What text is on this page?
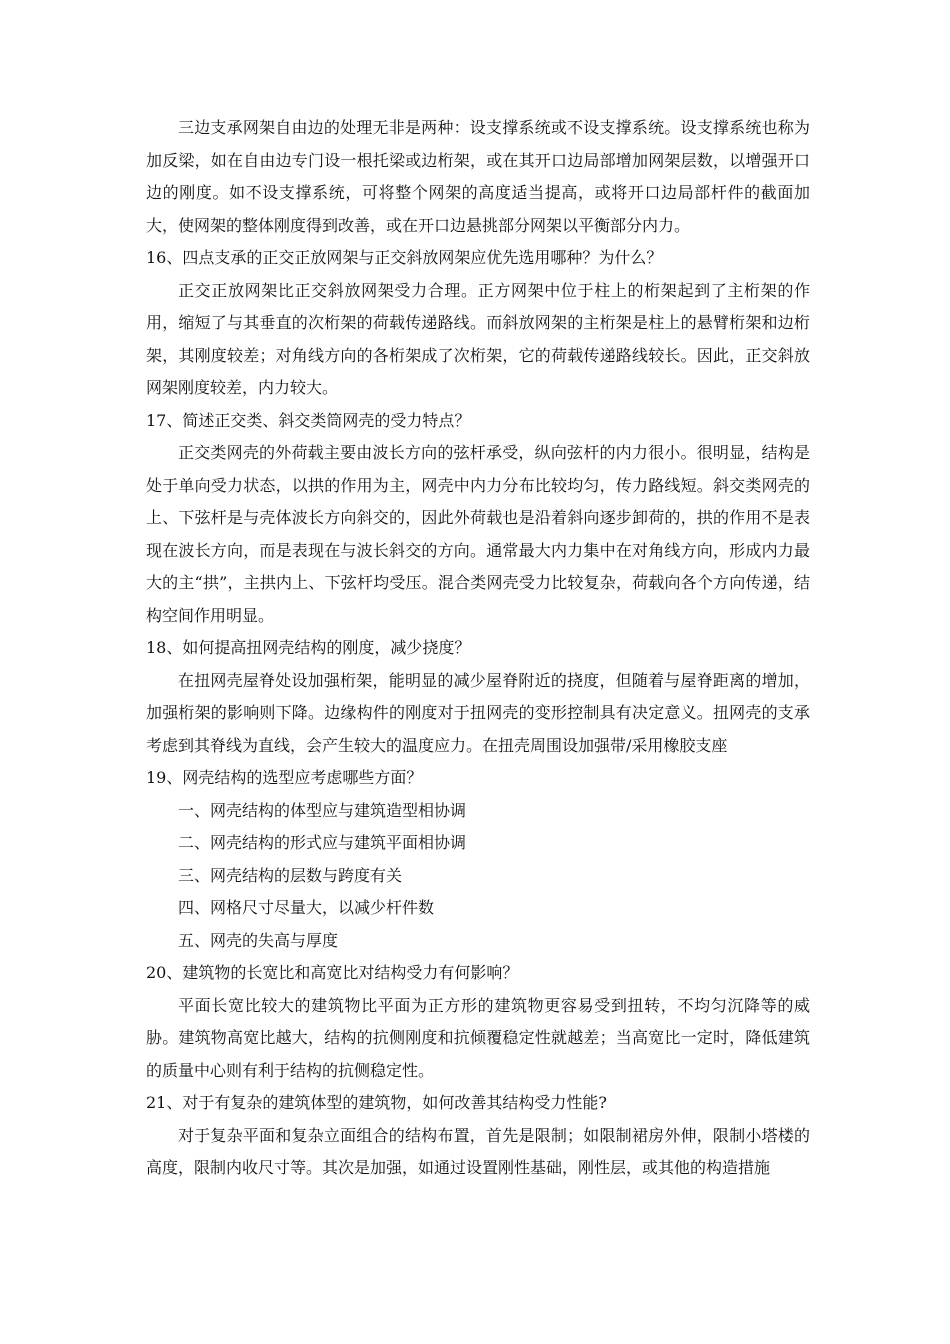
三边支承网架自由边的处理无非是两种：设支撑系统或不设支撑系统。设支撑系统也称为加反梁，如在自由边专门设一根托梁或边桁架，或在其开口边局部增加网架层数，以增强开口边的刚度。如不设支撑系统，可将整个网架的高度适当提高，或将开口边局部杆件的截面加大，使网架的整体刚度得到改善，或在开口边悬挑部分网架以平衡部分内力。

16、四点支承的正交正放网架与正交斜放网架应优先选用哪种？为什么？

正交正放网架比正交斜放网架受力合理。正方网架中位于柱上的桁架起到了主桁架的作用，缩短了与其垂直的次桁架的荷载传递路线。而斜放网架的主桁架是柱上的悬臂桁架和边桁架，其刚度较差；对角线方向的各桁架成了次桁架，它的荷载传递路线较长。因此，正交斜放网架刚度较差，内力较大。

17、简述正交类、斜交类筒网壳的受力特点？

正交类网壳的外荷载主要由波长方向的弦杆承受，纵向弦杆的内力很小。很明显，结构是处于单向受力状态，以拱的作用为主，网壳中内力分布比较均匀，传力路线短。斜交类网壳的上、下弦杆是与壳体波长方向斜交的，因此外荷载也是沿着斜向逐步卸荷的，拱的作用不是表现在波长方向，而是表现在与波长斜交的方向。通常最大内力集中在对角线方向，形成内力最大的主“拱”，主拱内上、下弦杆均受压。混合类网壳受力比较复杂，荷载向各个方向传递，结构空间作用明显。

18、如何提高扭网壳结构的刚度，减少挠度？

在扭网壳屋脊处设加强桁架，能明显的减少屋脊附近的挠度，但随着与屋脊距离的增加，加强桁架的影响则下降。边缘构件的刚度对于扭网壳的变形控制具有决定意义。扭网壳的支承考虑到其脊线为直线，会产生较大的温度应力。在扭壳周围设加强带/采用橡胶支座

19、网壳结构的选型应考虑哪些方面？

一、网壳结构的体型应与建筑造型相协调

二、网壳结构的形式应与建筑平面相协调

三、网壳结构的层数与跨度有关

四、网格尺寸尽量大，以减少杆件数

五、网壳的失高与厚度

20、建筑物的长宽比和高宽比对结构受力有何影响？

平面长宽比较大的建筑物比平面为正方形的建筑物更容易受到扭转，不均匀沉降等的威胁。建筑物高宽比越大，结构的抗侧刚度和抗倾覆稳定性就越差；当高宽比一定时，降低建筑的质量中心则有利于结构的抗侧稳定性。

21、对于有复杂的建筑体型的建筑物，如何改善其结构受力性能?

对于复杂平面和复杂立面组合的结构布置，首先是限制；如限制裙房外伸，限制小塔楼的高度，限制内收尺寸等。其次是加强，如通过设置刚性基础，刚性层，或其他的构造措施
